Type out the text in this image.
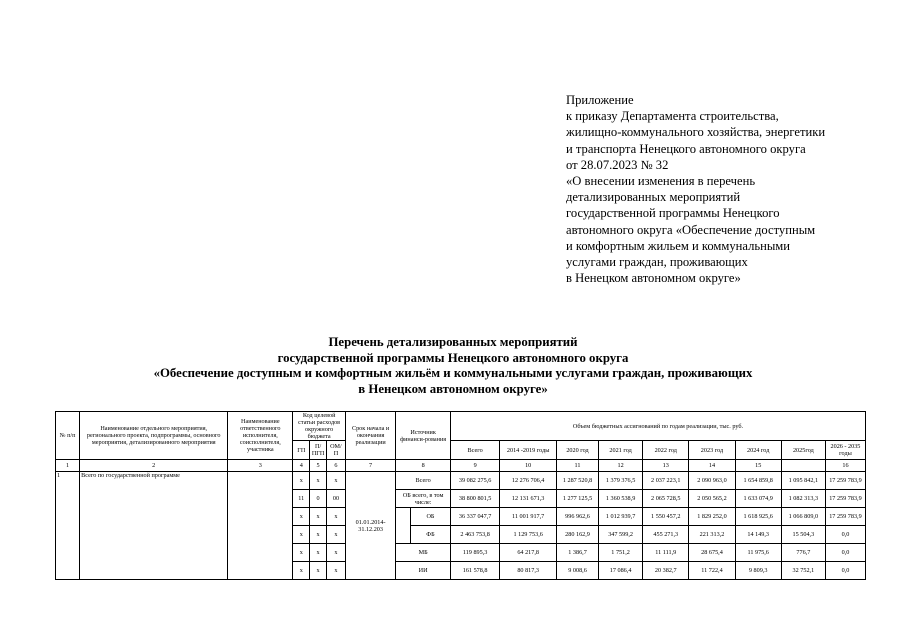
Приложение
к приказу Департамента строительства,
жилищно-коммунального хозяйства, энергетики
и транспорта Ненецкого автономного округа
от 28.07.2023 № 32
«О внесении изменения в перечень
детализированных мероприятий
государственной программы Ненецкого
автономного округа «Обеспечение доступным
и комфортным жильем и коммунальными
услугами граждан, проживающих
в Ненецком автономном округе»
Перечень детализированных мероприятий
государственной программы Ненецкого автономного округа
«Обеспечение доступным и комфортным жильём и коммунальными услугами граждан, проживающих
в Ненецком автономном округе»
№ п/п	Наименование отдельного мероприятия, регионального проекта, подпрограммы, основного мероприятия, детализированного мероприятия	Наименование ответственного исполнителя, соисполнителя, участника	Код целевой статьи расходов окружного бюджета			Срок начала и окончания реализации	Источник финанси-рования		Объем бюджетных ассигнований по годам реализации, тыс. руб.								
			ГП	П/ПГП	ОМ/П				Всего	2014 -2019 годы	2020 год	2021 год	2022 год	2023 год	2024 год	2025год	2026 - 2035 годы
1	2	3	4	5	6	7	8		9	10	11	12	13	14	15		16
1	Всего по государственной программе		x	x	x	01.01.2014-31.12.203	Всего		39 082 275,6	12 276 706,4	1 287 520,8	1 379 376,5	2 037 223,1	2 090 963,0	1 654 859,8	1 095 842,1	17 259 783,9
			11	0	00		ОБ всего, в том числе:		38 800 801,5	12 131 671,3	1 277 125,5	1 360 538,9	2 065 728,5	2 050 565,2	1 633 074,9	1 082 313,3	17 259 783,9
			x	x	x			ОБ	36 337 047,7	11 001 917,7	996 962,6	1 012 939,7	1 550 457,2	1 829 252,0	1 618 925,6	1 066 809,0	17 259 783,9
			x	x	x			ФБ	2 463 753,8	1 129 753,6	280 162,9	347 599,2	455 271,3	221 313,2	14 149,3	15 504,3	0,0
			x	x	x		МБ		119 895,3	64 217,8	1 386,7	1 751,2	11 111,9	28 675,4	11 975,6	776,7	0,0
			x	x	x		ИИ		161 578,8	80 817,3	9 008,6	17 086,4	20 382,7	11 722,4	9 809,3	32 752,1	0,0
